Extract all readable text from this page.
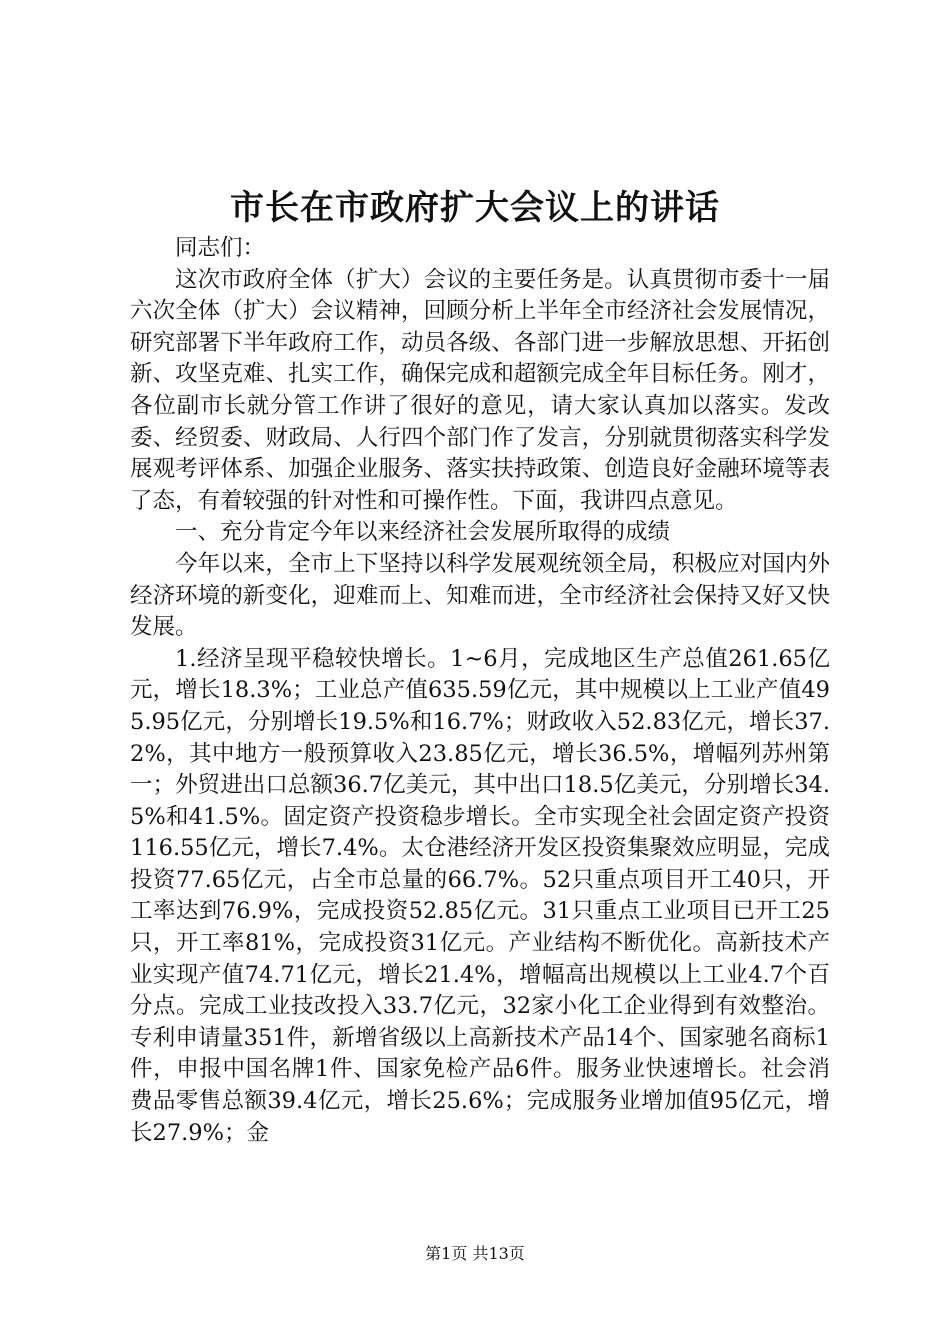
市长在市政府扩大会议上的讲话

同志们：

这次市政府全体（扩大）会议的主要任务是。认真贯彻市委十一届六次全体（扩大）会议精神，回顾分析上半年全市经济社会发展情况，研究部署下半年政府工作，动员各级、各部门进一步解放思想、开拓创新、攻坚克难、扎实工作，确保完成和超额完成全年目标任务。刚才，各位副市长就分管工作讲了很好的意见，请大家认真加以落实。发改委、经贸委、财政局、人行四个部门作了发言，分别就贯彻落实科学发展观考评体系、加强企业服务、落实扶持政策、创造良好金融环境等表了态，有着较强的针对性和可操作性。下面，我讲四点意见。

一、充分肯定今年以来经济社会发展所取得的成绩

今年以来，全市上下坚持以科学发展观统领全局，积极应对国内外经济环境的新变化，迎难而上、知难而进，全市经济社会保持又好又快发展。

1.经济呈现平稳较快增长。1~6月，完成地区生产总值261.65亿元，增长18.3%；工业总产值635.59亿元，其中规模以上工业产值495.95亿元，分别增长19.5%和16.7%；财政收入52.83亿元，增长37.2%，其中地方一般预算收入23.85亿元，增长36.5%，增幅列苏州第一；外贸进出口总额36.7亿美元，其中出口18.5亿美元，分别增长34.5%和41.5%。固定资产投资稳步增长。全市实现全社会固定资产投资116.55亿元，增长7.4%。太仓港经济开发区投资集聚效应明显，完成投资77.65亿元，占全市总量的66.7%。52只重点项目开工40只，开工率达到76.9%，完成投资52.85亿元。31只重点工业项目已开工25只，开工率81%，完成投资31亿元。产业结构不断优化。高新技术产业实现产值74.71亿元，增长21.4%，增幅高出规模以上工业4.7个百分点。完成工业技改投入33.7亿元，32家小化工企业得到有效整治。专利申请量351件，新增省级以上高新技术产品14个、国家驰名商标1件，申报中国名牌1件、国家免检产品6件。服务业快速增长。社会消费品零售总额39.4亿元，增长25.6%；完成服务业增加值95亿元，增长27.9%；金

第1页 共13页
